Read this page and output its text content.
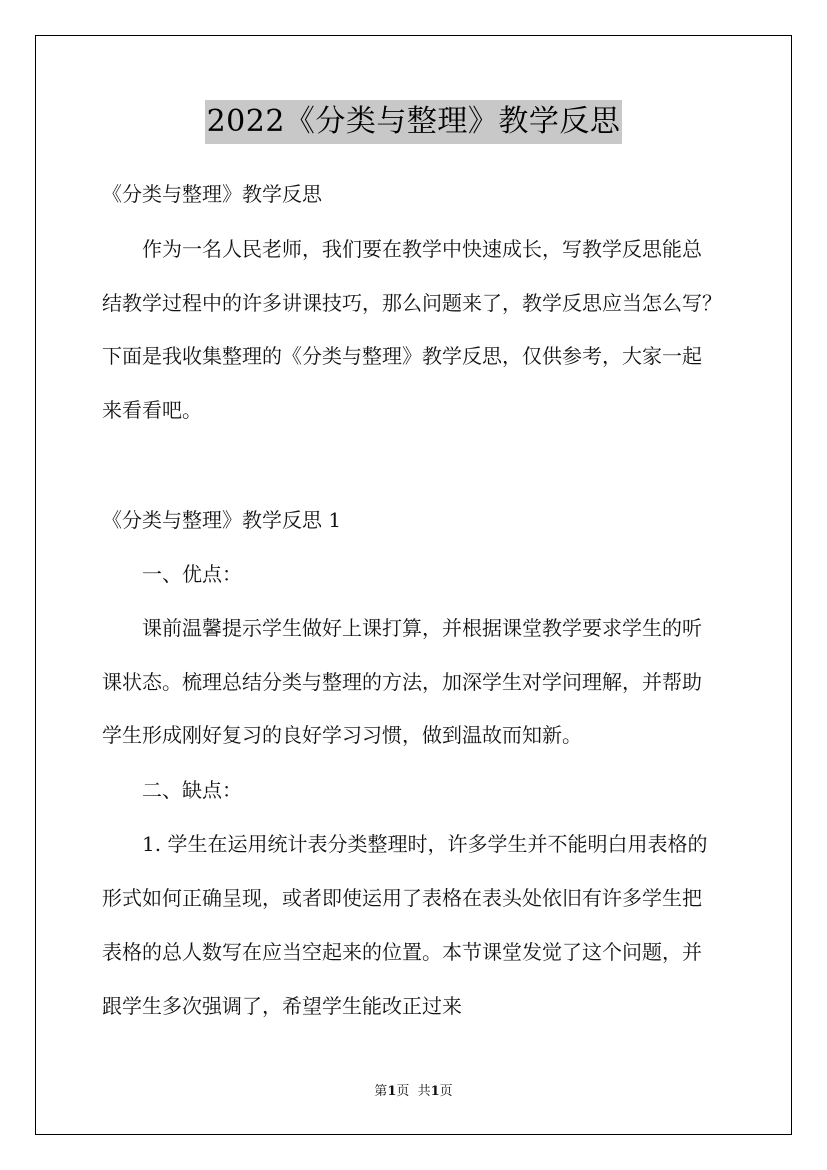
2022《分类与整理》教学反思
《分类与整理》教学反思
作为一名人民老师，我们要在教学中快速成长，写教学反思能总
结教学过程中的许多讲课技巧，那么问题来了，教学反思应当怎么写？
下面是我收集整理的《分类与整理》教学反思，仅供参考，大家一起
来看看吧。
《分类与整理》教学反思 1
一、优点：
课前温馨提示学生做好上课打算，并根据课堂教学要求学生的听
课状态。梳理总结分类与整理的方法，加深学生对学问理解，并帮助
学生形成刚好复习的良好学习习惯，做到温故而知新。
二、缺点：
1. 学生在运用统计表分类整理时，许多学生并不能明白用表格的
形式如何正确呈现，或者即使运用了表格在表头处依旧有许多学生把
表格的总人数写在应当空起来的位置。本节课堂发觉了这个问题，并
跟学生多次强调了，希望学生能改正过来
第1页  共1页
